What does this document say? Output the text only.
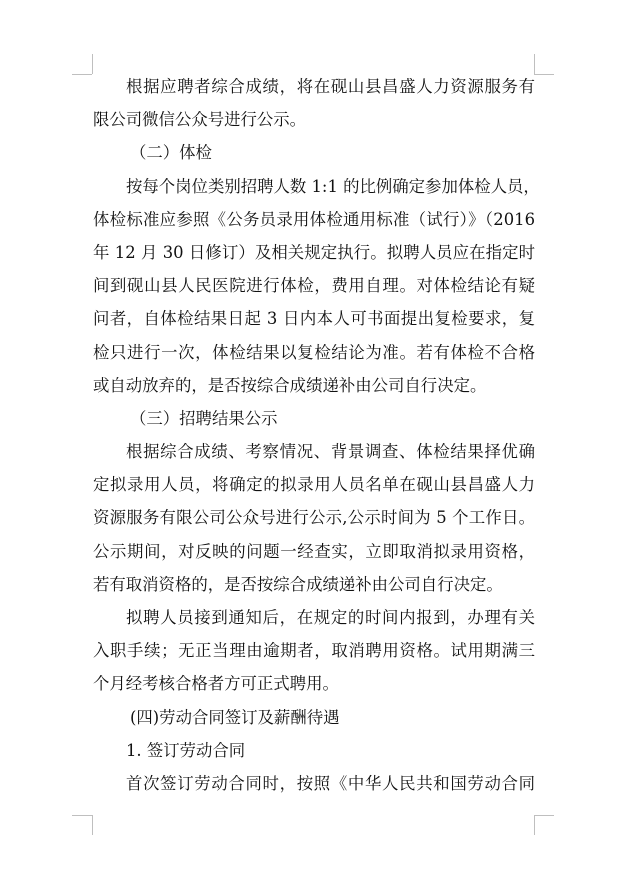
根据应聘者综合成绩，将在砚山县昌盛人力资源服务有
限公司微信公众号进行公示。
（二）体检
按每个岗位类别招聘人数 1:1 的比例确定参加体检人员，
体检标准应参照《公务员录用体检通用标准（试行）》（2016
年 12 月 30 日修订）及相关规定执行。拟聘人员应在指定时
间到砚山县人民医院进行体检，费用自理。对体检结论有疑
问者，自体检结果日起 3 日内本人可书面提出复检要求，复
检只进行一次，体检结果以复检结论为准。若有体检不合格
或自动放弃的，是否按综合成绩递补由公司自行决定。
（三）招聘结果公示
根据综合成绩、考察情况、背景调查、体检结果择优确
定拟录用人员，将确定的拟录用人员名单在砚山县昌盛人力
资源服务有限公司公众号进行公示,公示时间为 5 个工作日。
公示期间，对反映的问题一经查实，立即取消拟录用资格，
若有取消资格的，是否按综合成绩递补由公司自行决定。
拟聘人员接到通知后，在规定的时间内报到，办理有关
入职手续；无正当理由逾期者，取消聘用资格。试用期满三
个月经考核合格者方可正式聘用。
(四)劳动合同签订及薪酬待遇
1. 签订劳动合同
首次签订劳动合同时，按照《中华人民共和国劳动合同
